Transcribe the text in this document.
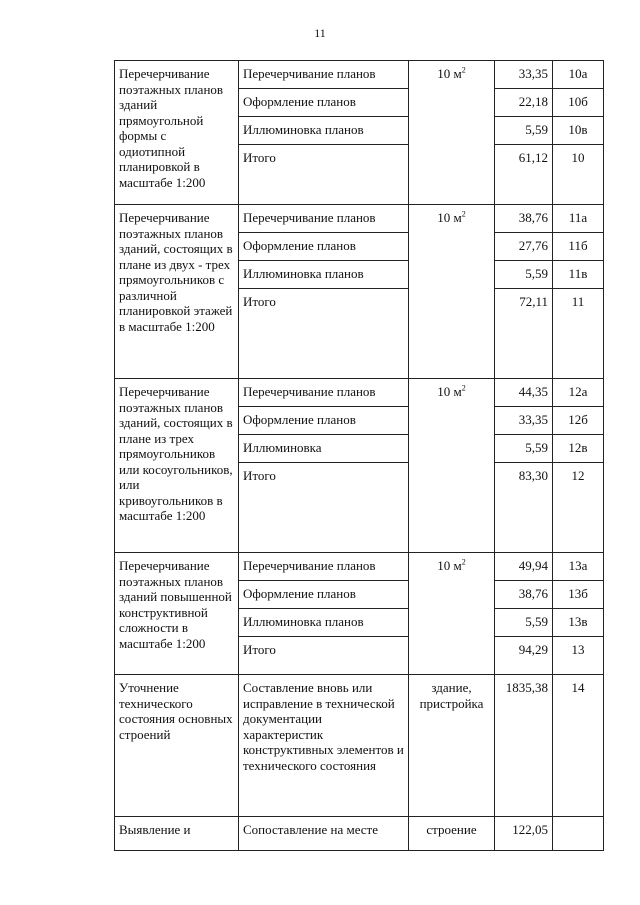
11
Перечерчивание поэтажных планов зданий прямоугольной формы с одиотипной планировкой в масштабе 1:200	Перечерчивание планов	10 $м^2$	33,35	10а
	Оформление планов		22,18	10б
	Иллюминовка планов		5,59	10в
	Итого		61,12	10
Перечерчивание поэтажных планов зданий, состоящих в плане из двух - трех прямоугольников с различной планировкой этажей в масштабе 1:200	Перечерчивание планов	10 $м^2$	38,76	11а
	Оформление планов		27,76	11б
	Иллюминовка планов		5,59	11в
	Итого		72,11	11
Перечерчивание поэтажных планов зданий, состоящих в плане из трех прямоугольников или косоугольников, или кривоугольников в масштабе 1:200	Перечерчивание планов	10 $м^2$	44,35	12а
	Оформление планов		33,35	12б
	Иллюминовка		5,59	12в
	Итого		83,30	12
Перечерчивание поэтажных планов зданий повышенной конструктивной сложности в масштабе 1:200	Перечерчивание планов	10 $м^2$	49,94	13а
	Оформление планов		38,76	13б
	Иллюминовка планов		5,59	13в
	Итого		94,29	13
Уточнение технического состояния основных строений	Составление вновь или исправление в технической документации характеристик конструктивных элементов и технического состояния	здание, пристройка	1835,38	14
Выявление и	Сопоставление на месте	строение	122,05	
